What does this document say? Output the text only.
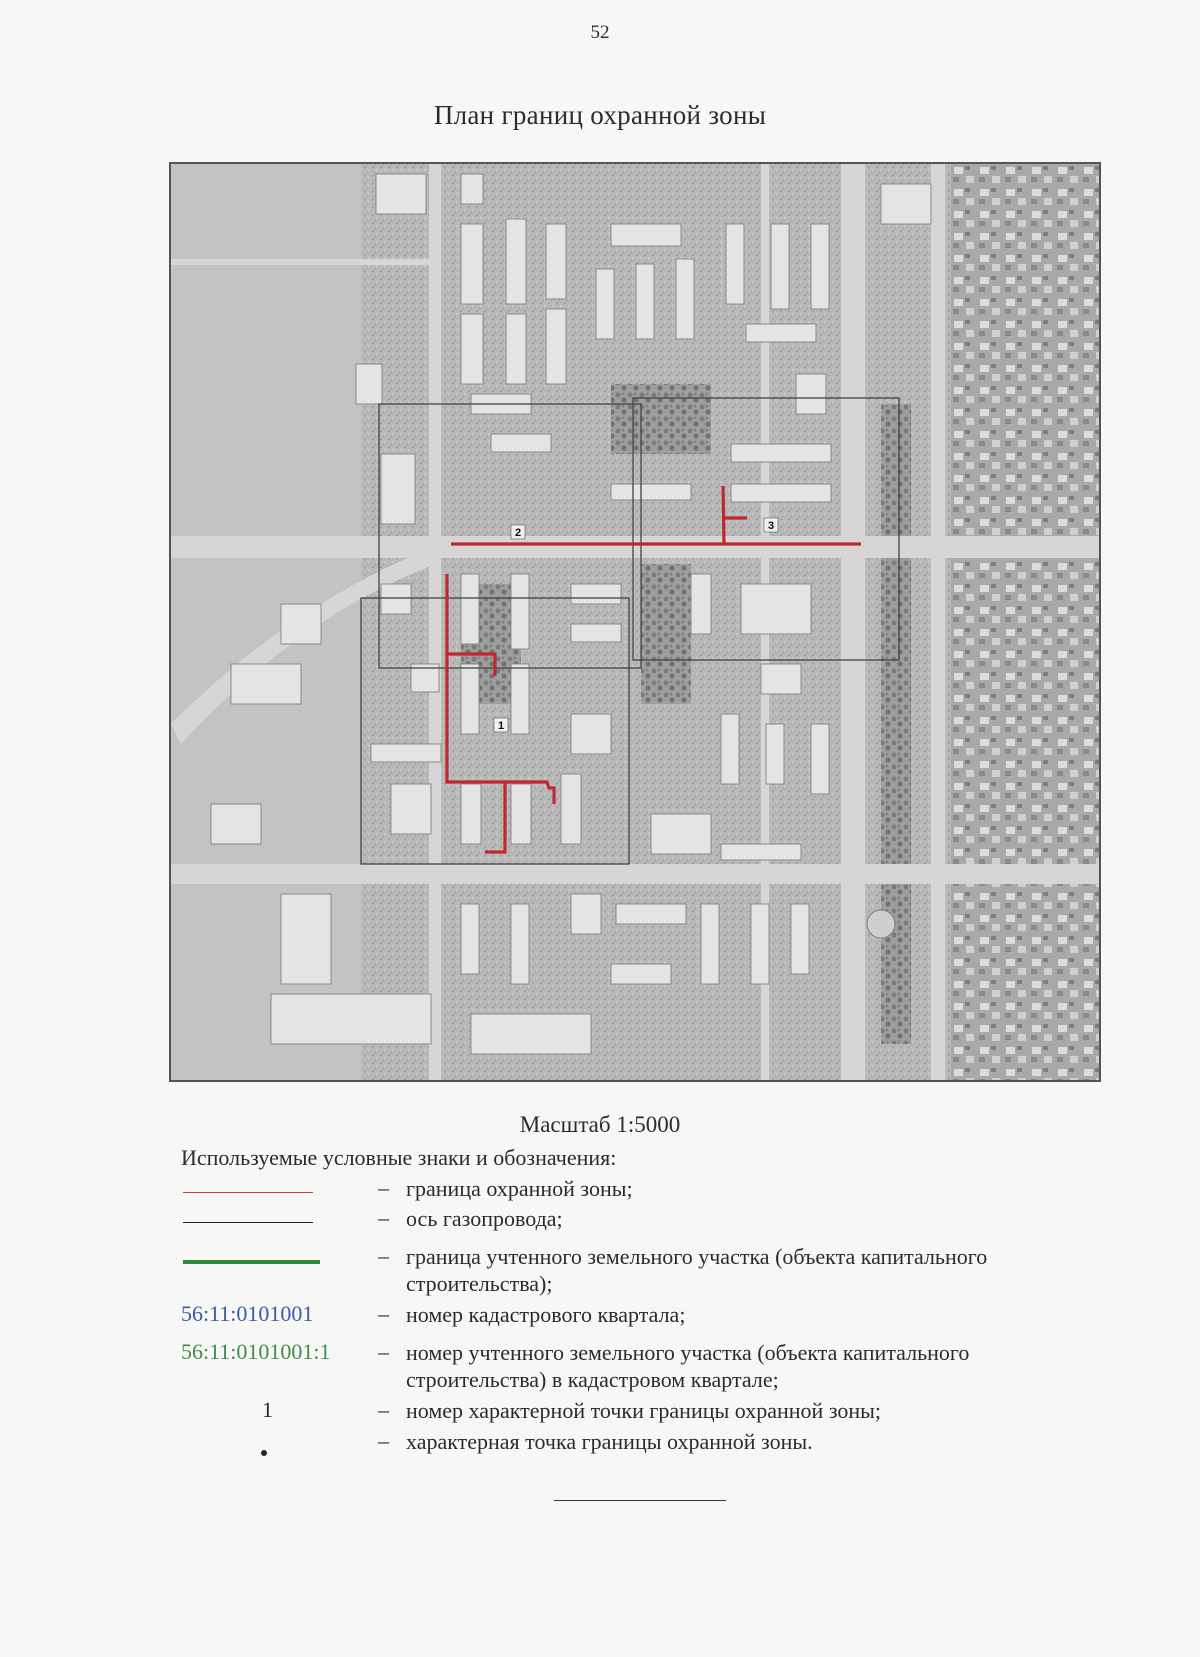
52
План границ охранной зоны
2
3
1
Масштаб 1:5000
Используемые условные знаки и обозначения:
– граница охранной зоны;
– ось газопровода;
– граница учтенного земельного участка (объекта капитального строительства);
56:11:0101001	– номер кадастрового квартала;
56:11:0101001:1 – номер учтенного земельного участка (объекта капитального строительства) в кадастровом квартале;
1	– номер характерной точки границы охранной зоны;
– характерная точка границы охранной зоны.
